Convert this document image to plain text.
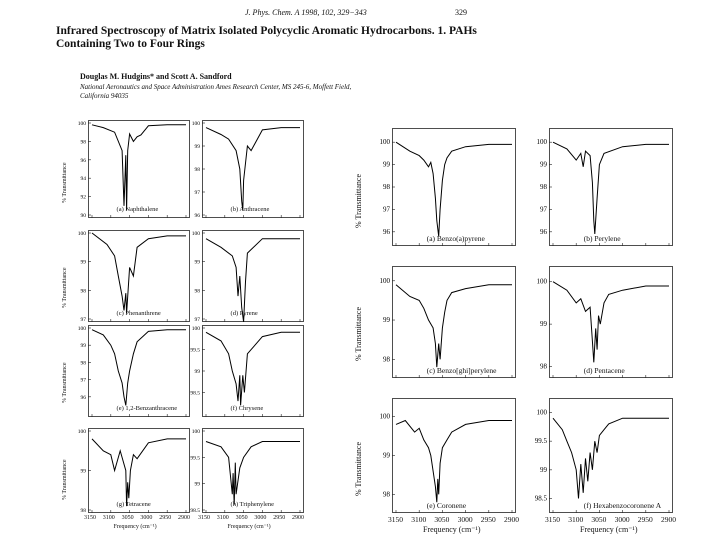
J. Phys. Chem. A 1998, 102, 329−343	329
Infrared Spectroscopy of Matrix Isolated Polycyclic Aromatic Hydrocarbons. 1. PAHs Containing Two to Four Rings
Douglas M. Hudgins* and Scott A. Sandford
National Aeronautics and Space Administration Ames Research Center, MS 245-6, Moffett Field, California 94035
100
98
96
94
92
90
(a) Naphthalene
% Transmittance
100
99
98
97
96
(b) Anthracene
100
99
98
97
(c) Phenanthrene
% Transmittance
100
99
98
97
(d) Pyrene
100
99
98
97
96
(e) 1,2-Benzanthracene
% Transmittance
100
99.5
99
98.5
(f) Chrysene
100
99
98
(g) Tetracene
3150 3100 3050 3000 2950 2900
Frequency (cm⁻¹)
% Transmittance
100
99.5
99
98.5
(h) Triphenylene
3150 3100 3050 3000 2950 2900
Frequency (cm⁻¹)
100
99
98
97
96
(a) Benzo(a)pyrene
% Transmittance
100
99
98
97
96
(b) Perylene
100
99
98
(c) Benzo[ghi]perylene
% Transmittance
100
99
98	(d) Pentacene
100
99
98
(e) Coronene
3150 3100 3050 3000 2950 2900
Frequency (cm⁻¹)
% Transmittance
100
99.5
99
98.5
(f) Hexabenzocoronene A
3150 3100 3050 3000 2950 2900
Frequency (cm⁻¹)
